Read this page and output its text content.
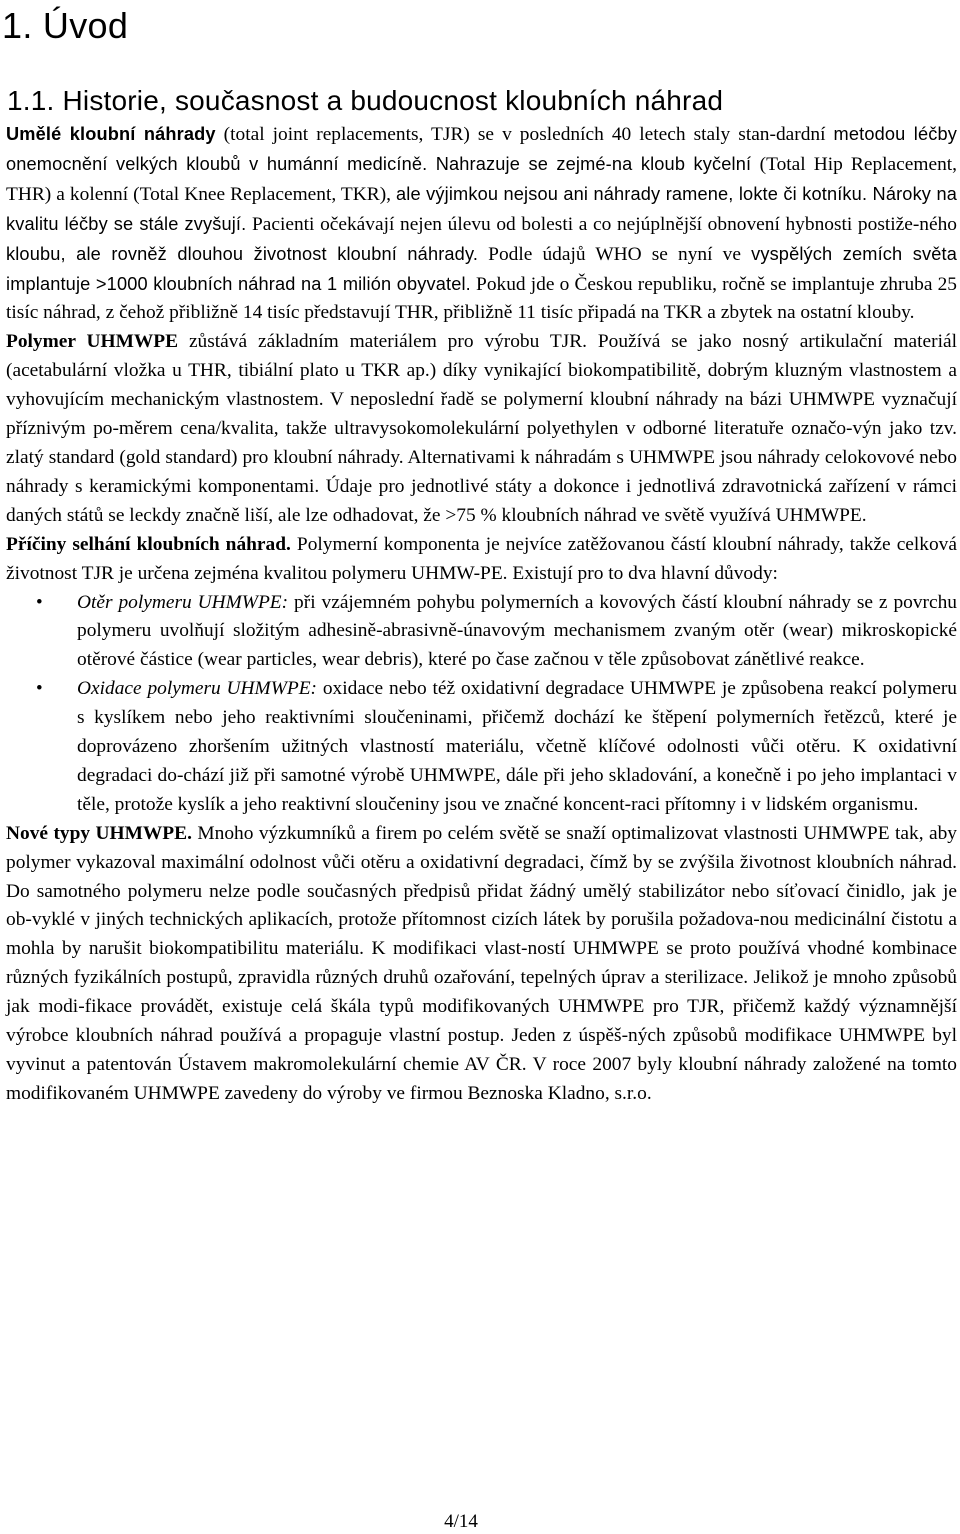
1. Úvod
1.1. Historie, současnost a budoucnost kloubních náhrad

Umělé kloubní náhrady (total joint replacements, TJR) se v posledních 40 letech staly stan-dardní metodou léčby onemocnění velkých kloubů v humánní medicíně. Nahrazuje se zejmé-na kloub kyčelní (Total Hip Replacement, THR) a kolenní (Total Knee Replacement, TKR), ale výjimkou nejsou ani náhrady ramene, lokte či kotníku. Nároky na kvalitu léčby se stále zvyšují. Pacienti očekávají nejen úlevu od bolesti a co nejúplnější obnovení hybnosti postiže-ného kloubu, ale rovněž dlouhou životnost kloubní náhrady. Podle údajů WHO se nyní ve vyspělých zemích světa implantuje >1000 kloubních náhrad na 1 milión obyvatel. Pokud jde o Českou republiku, ročně se implantuje zhruba 25 tisíc náhrad, z čehož přibližně 14 tisíc představují THR, přibližně 11 tisíc připadá na TKR a zbytek na ostatní klouby.

Polymer UHMWPE zůstává základním materiálem pro výrobu TJR. Používá se jako nosný artikulační materiál (acetabulární vložka u THR, tibiální plato u TKR ap.) díky vynikající biokompatibilitě, dobrým kluzným vlastnostem a vyhovujícím mechanickým vlastnostem. V neposlední řadě se polymerní kloubní náhrady na bázi UHMWPE vyznačují příznivým po-měrem cena/kvalita, takže ultravysokomolekulární polyethylen v odborné literatuře označo-výn jako tzv. zlatý standard (gold standard) pro kloubní náhrady. Alternativami k náhradám s UHMWPE jsou náhrady celokovové nebo náhrady s keramickými komponentami. Údaje pro jednotlivé státy a dokonce i jednotlivá zdravotnická zařízení v rámci daných států se leckdy značně liší, ale lze odhadovat, že >75 % kloubních náhrad ve světě využívá UHMWPE.

Příčiny selhání kloubních náhrad. Polymerní komponenta je nejvíce zatěžovanou částí kloubní náhrady, takže celková životnost TJR je určena zejména kvalitou polymeru UHMW-PE. Existují pro to dva hlavní důvody:

• Otěr polymeru UHMWPE: při vzájemném pohybu polymerních a kovových částí kloubní náhrady se z povrchu polymeru uvolňují složitým adhesině-abrasivně-únavovým mechanismem zvaným otěr (wear) mikroskopické otěrové částice (wear particles, wear debris), které po čase začnou v těle způsobovat zánětlivé reakce.
• Oxidace polymeru UHMWPE: oxidace nebo též oxidativní degradace UHMWPE je způsobena reakcí polymeru s kyslíkem nebo jeho reaktivními sloučeninami, přičemž dochází ke štěpení polymerních řetězců, které je doprovázeno zhoršením užitných vlastností materiálu, včetně klíčové odolnosti vůči otěru. K oxidativní degradaci do-chází již při samotné výrobě UHMWPE, dále při jeho skladování, a konečně i po jeho implantaci v těle, protože kyslík a jeho reaktivní sloučeniny jsou ve značné koncent-raci přítomny i v lidském organismu.

Nové typy UHMWPE. Mnoho výzkumníků a firem po celém světě se snaží optimalizovat vlastnosti UHMWPE tak, aby polymer vykazoval maximální odolnost vůči otěru a oxidativní degradaci, čímž by se zvýšila životnost kloubních náhrad. Do samotného polymeru nelze podle současných předpisů přidat žádný umělý stabilizátor nebo síťovací činidlo, jak je ob-vyklé v jiných technických aplikacích, protože přítomnost cizích látek by porušila požadova-nou medicinální čistotu a mohla by narušit biokompatibilitu materiálu. K modifikaci vlast-ností UHMWPE se proto používá vhodné kombinace různých fyzikálních postupů, zpravidla různých druhů ozařování, tepelných úprav a sterilizace. Jelikož je mnoho způsobů jak modi-fikace provádět, existuje celá škála typů modifikovaných UHMWPE pro TJR, přičemž každý významnější výrobce kloubních náhrad používá a propaguje vlastní postup. Jeden z úspěš-ných způsobů modifikace UHMWPE byl vyvinut a patentován Ústavem makromolekulární chemie AV ČR. V roce 2007 byly kloubní náhrady založené na tomto modifikovaném UHMWPE zavedeny do výroby ve firmou Beznoska Kladno, s.r.o.

4/14
